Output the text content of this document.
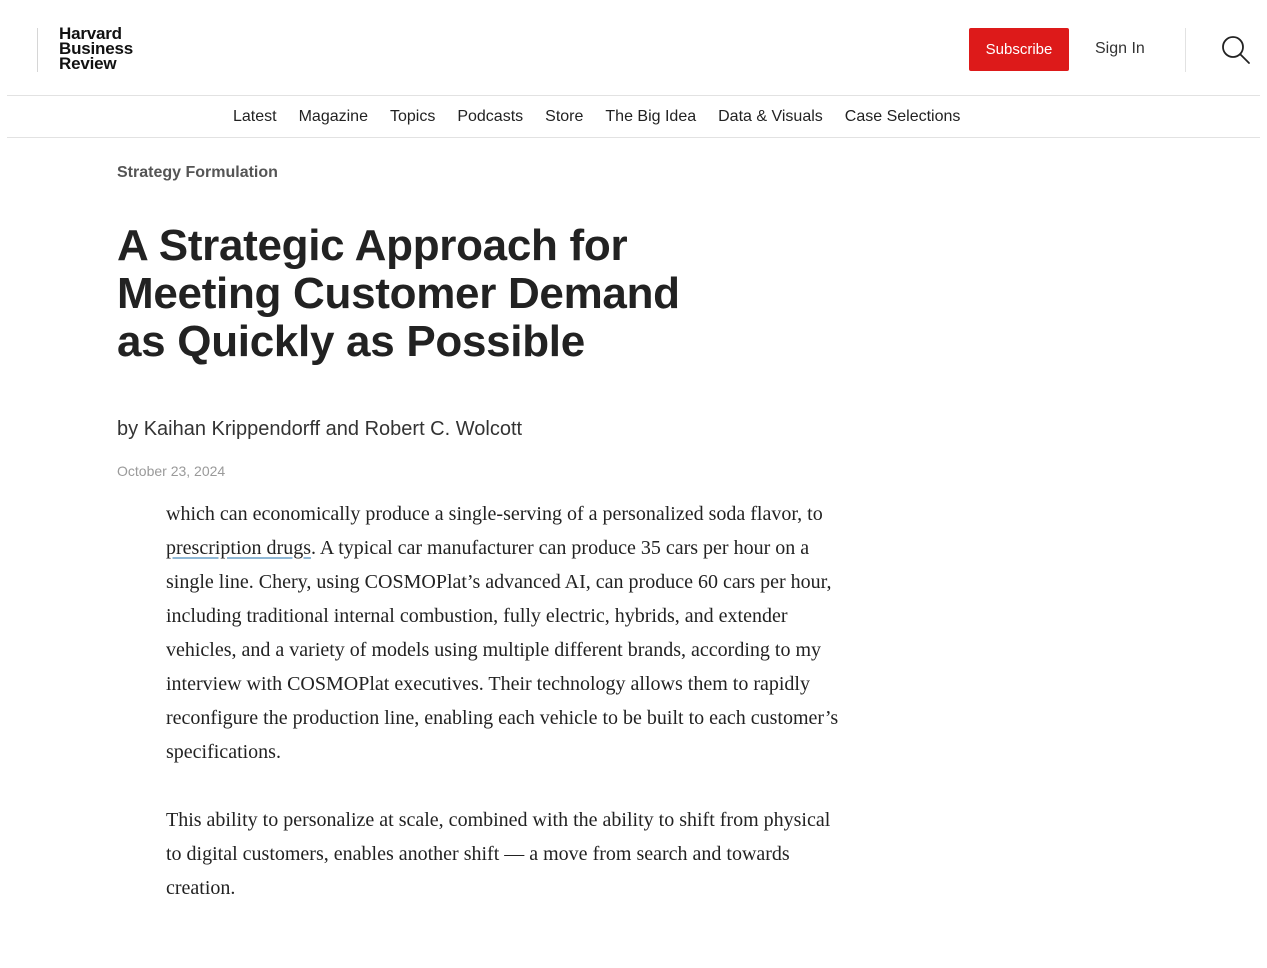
Harvard
Business
Review
Subscribe	Sign In
Latest Magazine Topics Podcasts Store The Big Idea Data & Visuals Case Selections
Strategy Formulation
A Strategic Approach for Meeting Customer Demand as Quickly as Possible
by Kaihan Krippendorff and Robert C. Wolcott
October 23, 2024

which can economically produce a single-serving of a personalized soda flavor, to prescription drugs. A typical car manufacturer can produce 35 cars per hour on a single line. Chery, using COSMOPlat’s advanced AI, can produce 60 cars per hour, including traditional internal combustion, fully electric, hybrids, and extender vehicles, and a variety of models using multiple different brands, according to my interview with COSMOPlat executives. Their technology allows them to rapidly reconfigure the production line, enabling each vehicle to be built to each customer’s specifications.

This ability to personalize at scale, combined with the ability to shift from physical to digital customers, enables another shift — a move from search and towards creation.
